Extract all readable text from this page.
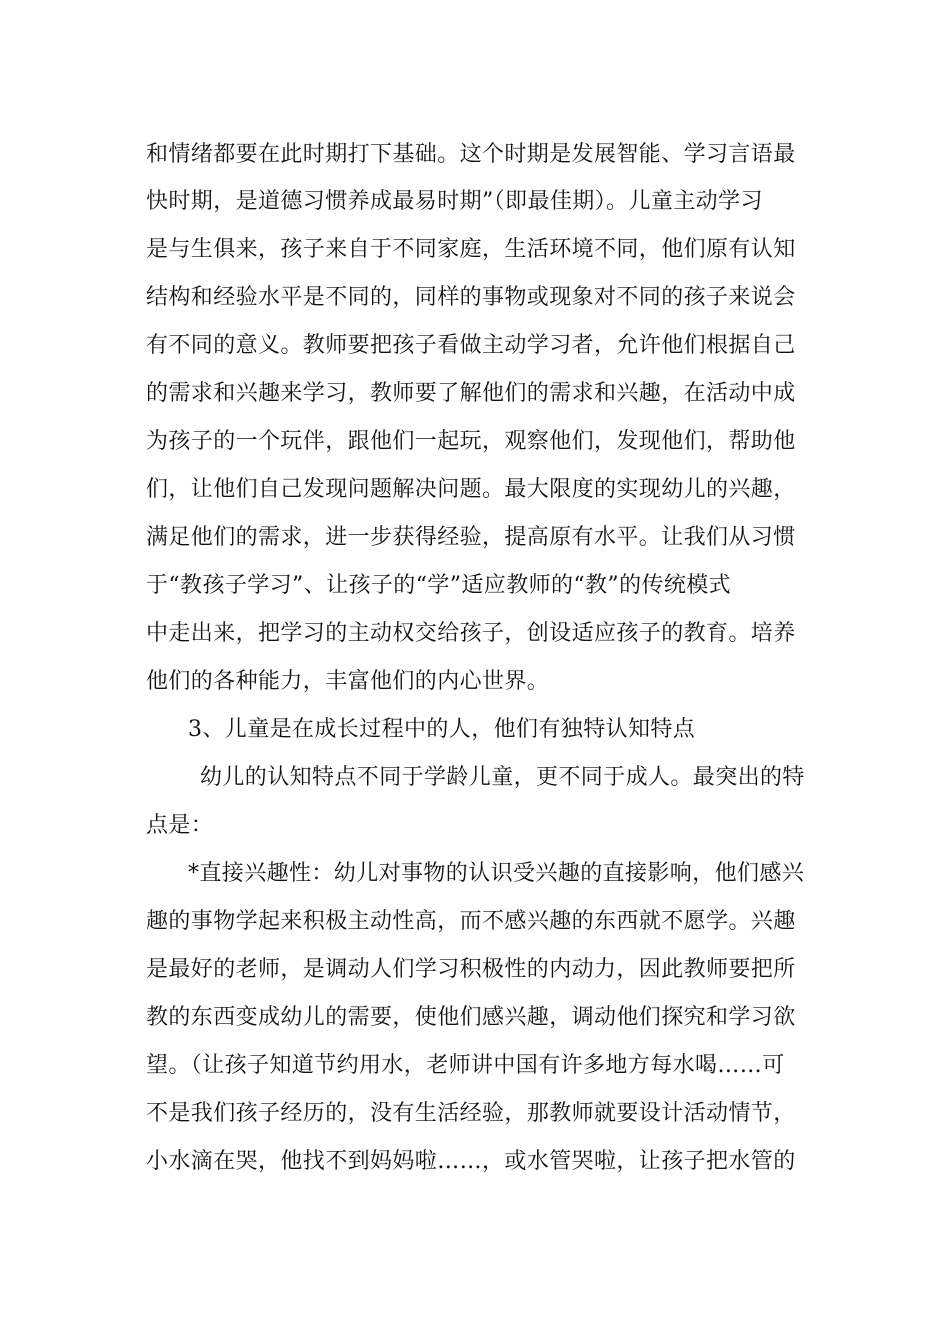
和情绪都要在此时期打下基础。这个时期是发展智能、学习言语最
快时期，是道德习惯养成最易时期”（即最佳期）。儿童主动学习
是与生俱来，孩子来自于不同家庭，生活环境不同，他们原有认知
结构和经验水平是不同的，同样的事物或现象对不同的孩子来说会
有不同的意义。教师要把孩子看做主动学习者，允许他们根据自己
的需求和兴趣来学习，教师要了解他们的需求和兴趣，在活动中成
为孩子的一个玩伴，跟他们一起玩，观察他们，发现他们，帮助他
们，让他们自己发现问题解决问题。最大限度的实现幼儿的兴趣，
满足他们的需求，进一步获得经验，提高原有水平。让我们从习惯
于“教孩子学习”、让孩子的“学”适应教师的“教”的传统模式
中走出来，把学习的主动权交给孩子，创设适应孩子的教育。培养
他们的各种能力，丰富他们的内心世界。
3、儿童是在成长过程中的人，他们有独特认知特点
幼儿的认知特点不同于学龄儿童，更不同于成人。最突出的特
点是：
*直接兴趣性：幼儿对事物的认识受兴趣的直接影响，他们感兴
趣的事物学起来积极主动性高，而不感兴趣的东西就不愿学。兴趣
是最好的老师，是调动人们学习积极性的内动力，因此教师要把所
教的东西变成幼儿的需要，使他们感兴趣，调动他们探究和学习欲
望。（让孩子知道节约用水，老师讲中国有许多地方每水喝……可
不是我们孩子经历的，没有生活经验，那教师就要设计活动情节，
小水滴在哭，他找不到妈妈啦……，或水管哭啦，让孩子把水管的
